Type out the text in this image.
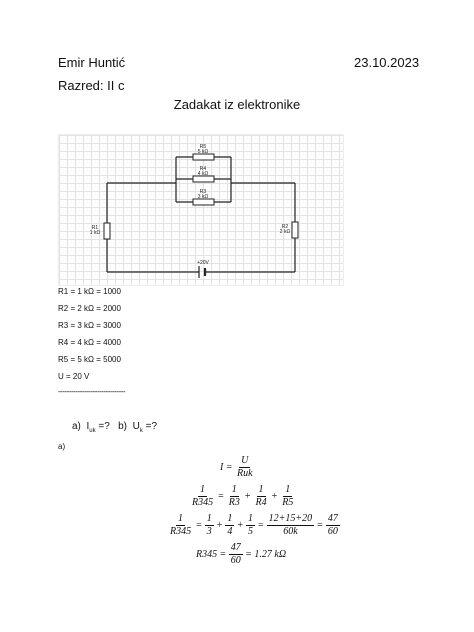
Emir Huntić	23.10.2023
Razred: II c
Zadakat iz elektronike
R5
5 kΩ
R4
4 kΩ
R3
3 kΩ
R1
1 kΩ
R2
2 kΩ
+20V
R1 = 1 kΩ = 1000
R2 = 2 kΩ = 2000
R3 = 3 kΩ = 3000
R4 = 4 kΩ = 4000
R5 = 5 kΩ = 5000
U = 20 V
-------------------------------
a) $I_{uk}$ =? b) $U_k$ =?
a)
$I = \frac{U}{\text{Ruk}}$
$\frac{1}{R345} = \frac{1}{R3} + \frac{1}{R4} + \frac{1}{R5}$
$\frac{1}{R345} = \frac{1}{3} + \frac{1}{4} + \frac{1}{5} = \frac{12+15+20}{60k} = \frac{47}{60}$
$R345 = \frac{47}{60} = 1.27$ kΩ
